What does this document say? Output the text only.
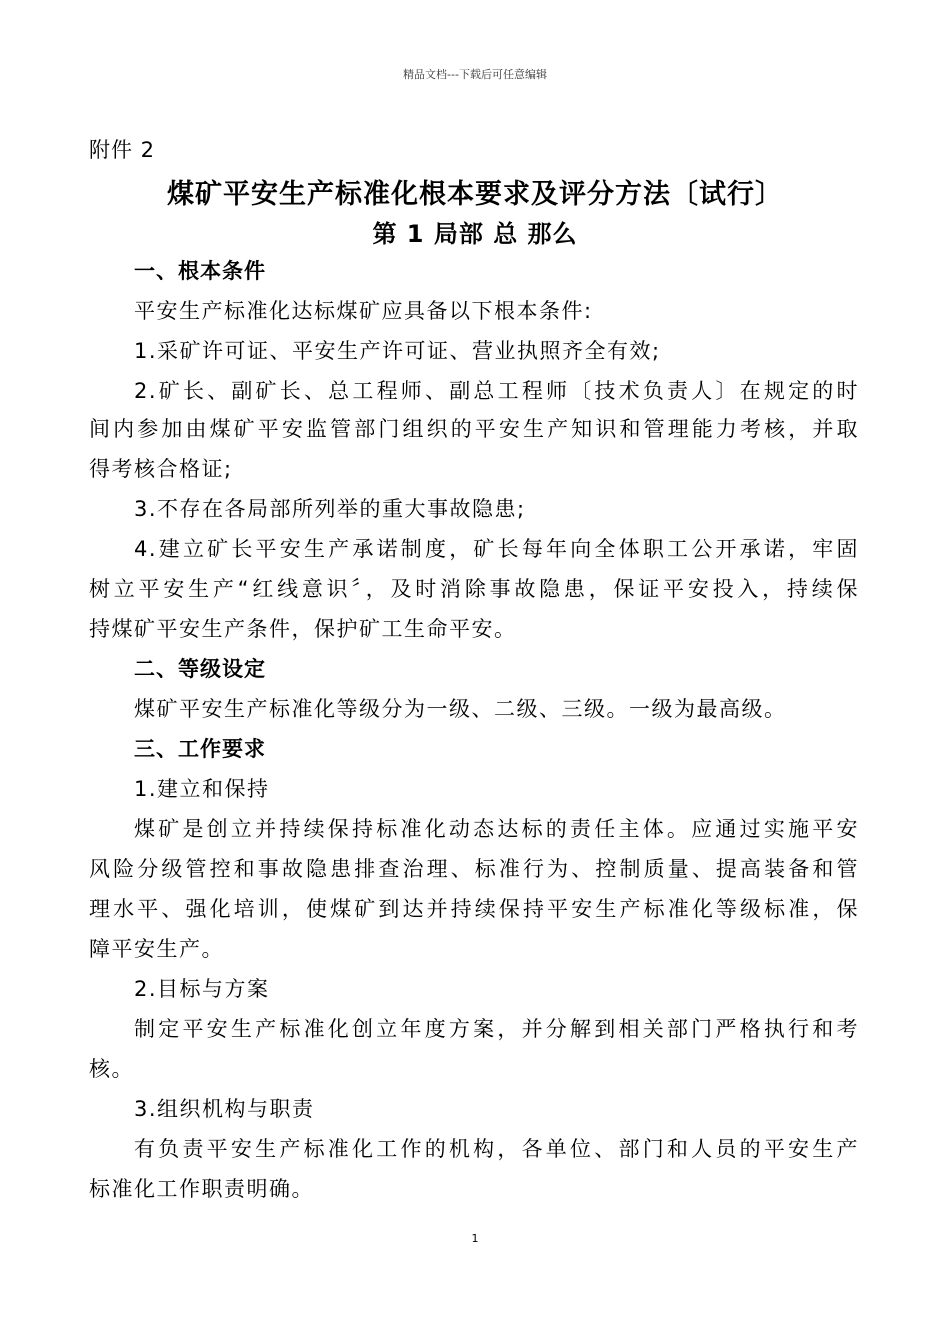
精品文档---下载后可任意编辑
附件 2
煤矿平安生产标准化根本要求及评分方法〔试行〕
第 1 局部 总 那么
一、根本条件
平安生产标准化达标煤矿应具备以下根本条件:
1.采矿许可证、平安生产许可证、营业执照齐全有效;
2.矿长、副矿长、总工程师、副总工程师〔技术负责人〕在规定的时
间内参加由煤矿平安监管部门组织的平安生产知识和管理能力考核，并取
得考核合格证;
3.不存在各局部所列举的重大事故隐患;
4.建立矿长平安生产承诺制度，矿长每年向全体职工公开承诺，牢固
树立平安生产“红线意识〞，及时消除事故隐患，保证平安投入，持续保
持煤矿平安生产条件，保护矿工生命平安。
二、等级设定
煤矿平安生产标准化等级分为一级、二级、三级。一级为最高级。
三、工作要求
1.建立和保持
煤矿是创立并持续保持标准化动态达标的责任主体。应通过实施平安
风险分级管控和事故隐患排查治理、标准行为、控制质量、提高装备和管
理水平、强化培训，使煤矿到达并持续保持平安生产标准化等级标准，保
障平安生产。
2.目标与方案
制定平安生产标准化创立年度方案，并分解到相关部门严格执行和考
核。
3.组织机构与职责
有负责平安生产标准化工作的机构，各单位、部门和人员的平安生产
标准化工作职责明确。
1
